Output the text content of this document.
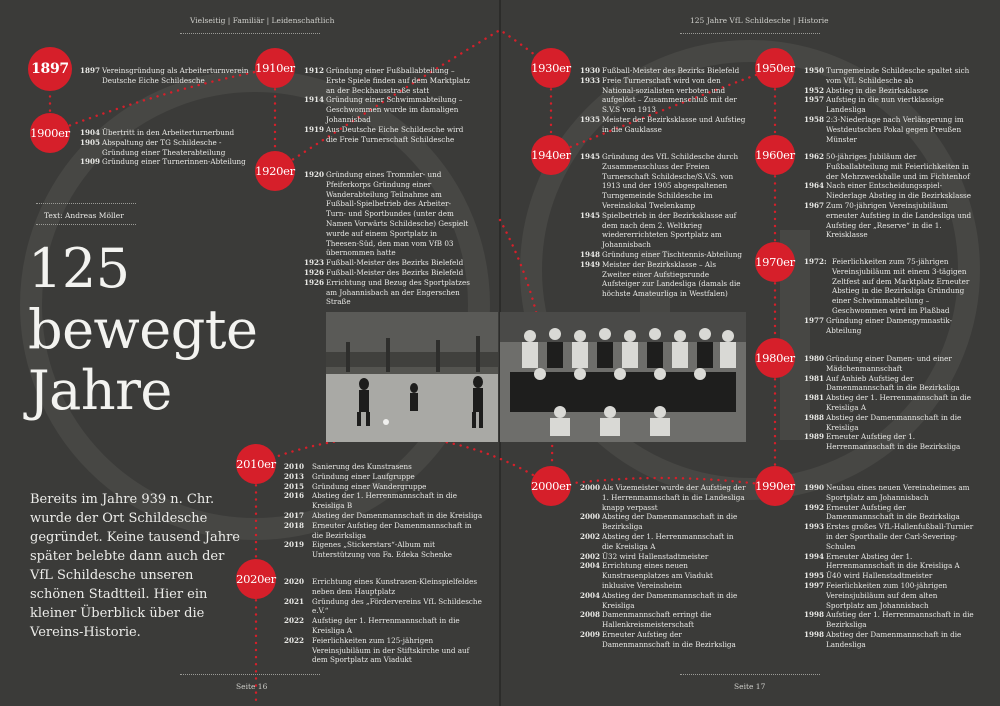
Vielseitig | Familiär | Leidenschaftlich	125 Jahre VfL Schildesche | Historie
Seite 16	Seite 17
1897
1900er
1910er
1920er
1930er
1940er
1950er
1960er
1970er
1980er
1990er
2000er
2010er
2020er
1897 Vereinsgründung als Arbeiterturnverein Deutsche Eiche Schildesche
1904 Übertritt in den Arbeiterturnerbund
1905 Abspaltung der TG Schildesche - Gründung einer Theaterabteilung
1909 Gründung einer Turnerinnen-Abteilung
1912 Gründung einer Fußballabteilung – Erste Spiele finden auf dem Marktplatz an der Beckhausstraße statt
1914 Gründung einer Schwimmabteilung – Geschwommen wurde im damaligen Johannisbad
1919 Aus Deutsche Eiche Schildesche wird die Freie Turnerschaft Schildesche
1920 Gründung eines Trommler- und Pfeiferkorps Gründung einer Wanderabteilung Teilnahme am Fußball-Spielbetrieb des Arbeiter-Turn- und Sportbundes (unter dem Namen Vorwärts Schildesche) Gespielt wurde auf einem Sportplatz in Theesen-Süd, den man vom VfB 03 übernommen hatte
1923 Fußball-Meister des Bezirks Bielefeld
1926 Fußball-Meister des Bezirks Bielefeld
1926 Errichtung und Bezug des Sportplatzes am Johannisbach an der Engerschen Straße
1930 Fußball-Meister des Bezirks Bielefeld
1933 Freie Turnerschaft wird von den National-sozialisten verboten und aufgelöst – Zusammenschluß mit der S.V.S von 1913
1935 Meister der Bezirksklasse und Aufstieg in die Gauklasse
1945 Gründung des VfL Schildesche durch Zusammenschluss der Freien Turnerschaft Schildesche/S.V.S. von 1913 und der 1905 abgespaltenen Turngemeinde Schildesche im Vereinslokal Twelenkamp
1945 Spielbetrieb in der Bezirksklasse auf dem nach dem 2. Weltkrieg wiedererrichteten Sportplatz am Johannisbach
1948 Gründung einer Tischtennis-Abteilung
1949 Meister der Bezirksklasse – Als Zweiter einer Aufstiegsrunde Aufsteiger zur Landesliga (damals die höchste Amateurliga in Westfalen)
1950 Turngemeinde Schildesche spaltet sich vom VfL Schildesche ab
1952 Abstieg in die Bezirksklasse
1957 Aufstieg in die nun viertklassige Landesliga
1958 2:3-Niederlage nach Verlängerung im Westdeutschen Pokal gegen Preußen Münster
1962 50-jähriges Jubiläum der Fußballabteilung mit Feierlichkeiten in der Mehrzweckhalle und im Fichtenhof
1964 Nach einer Entscheidungsspiel-Niederlage Abstieg in die Bezirksklasse
1967 Zum 70-jährigen Vereinsjubiläum erneuter Aufstieg in die Landesliga und Aufstieg der „Reserve“ in die 1. Kreisklasse
1972: Feierlichkeiten zum 75-jährigen Vereinsjubiläum mit einem 3-tägigen Zeltfest auf dem Marktplatz Erneuter Abstieg in die Bezirksliga Gründung einer Schwimmabteilung – Geschwommen wird im Plaßbad
1977 Gründung einer Damengymnastik-Abteilung
1980 Gründung einer Damen- und einer Mädchenmannschaft
1981 Auf Anhieb Aufstieg der Damenmannschaft in die Bezirksliga
1981 Abstieg der 1. Herrenmannschaft in die Kreisliga A
1988 Abstieg der Damenmannschaft in die Kreisliga
1989 Erneuter Aufstieg der 1. Herrenmannschaft in die Bezirksliga
1990 Neubau eines neuen Vereinsheimes am Sportplatz am Johannisbach
1992 Erneuter Aufstieg der Damenmannschaft in die Bezirksliga
1993 Erstes großes VfL-Hallenfußball-Turnier in der Sporthalle der Carl-Severing-Schulen
1994 Erneuter Abstieg der 1. Herrenmannschaft in die Kreisliga A
1995 Ü40 wird Hallenstadtmeister
1997 Feierlichkeiten zum 100-jährigen Vereinsjubiläum auf dem alten Sportplatz am Johannisbach
1998 Aufstieg der 1. Herrenmannschaft in die Bezirksliga
1998 Abstieg der Damenmannschaft in die Landesliga
2000 Als Vizemeister wurde der Aufstieg der 1. Herrenmannschaft in die Landesliga knapp verpasst
2000 Abstieg der Damenmannschaft in die Bezirksliga
2002 Abstieg der 1. Herrenmannschaft in die Kreisliga A
2002 Ü32 wird Hallenstadtmeister
2004 Errichtung eines neuen Kunstrasenplatzes am Viadukt inklusive Vereinsheim
2004 Abstieg der Damenmannschaft in die Kreisliga
2008 Damenmannschaft erringt die Hallenkreismeisterschaft
2009 Erneuter Aufstieg der Damenmannschaft in die Bezirksliga
2010	Sanierung des Kunstrasens
2013	Gründung einer Laufgruppe
2015	Gründung einer Wandergruppe
2016	Abstieg der 1. Herrenmannschaft in die Kreisliga B
2017	Abstieg der Damenmannschaft in die Kreisliga
2018	Erneuter Aufstieg der Damenmannschaft in die Bezirksliga
2019	Eigenes „Stickerstars“-Album mit Unterstützung von Fa. Edeka Schenke
2020	Errichtung eines Kunstrasen-Kleinspielfeldes neben dem Hauptplatz
2021	Gründung des „Fördervereins VfL Schildesche e.V.“
2022	Aufstieg der 1. Herrenmannschaft in die Kreisliga A
2022	Feierlichkeiten zum 125-jährigen Vereinsjubiläum in der Stiftskirche und auf dem Sportplatz am Viadukt
Text: Andreas Möller
125
bewegte
Jahre
Bereits im Jahre 939 n. Chr. wurde der Ort Schildesche gegründet. Keine tausend Jahre später belebte dann auch der VfL Schildesche unseren schönen Stadtteil. Hier ein kleiner Überblick über die Vereins-Historie.
